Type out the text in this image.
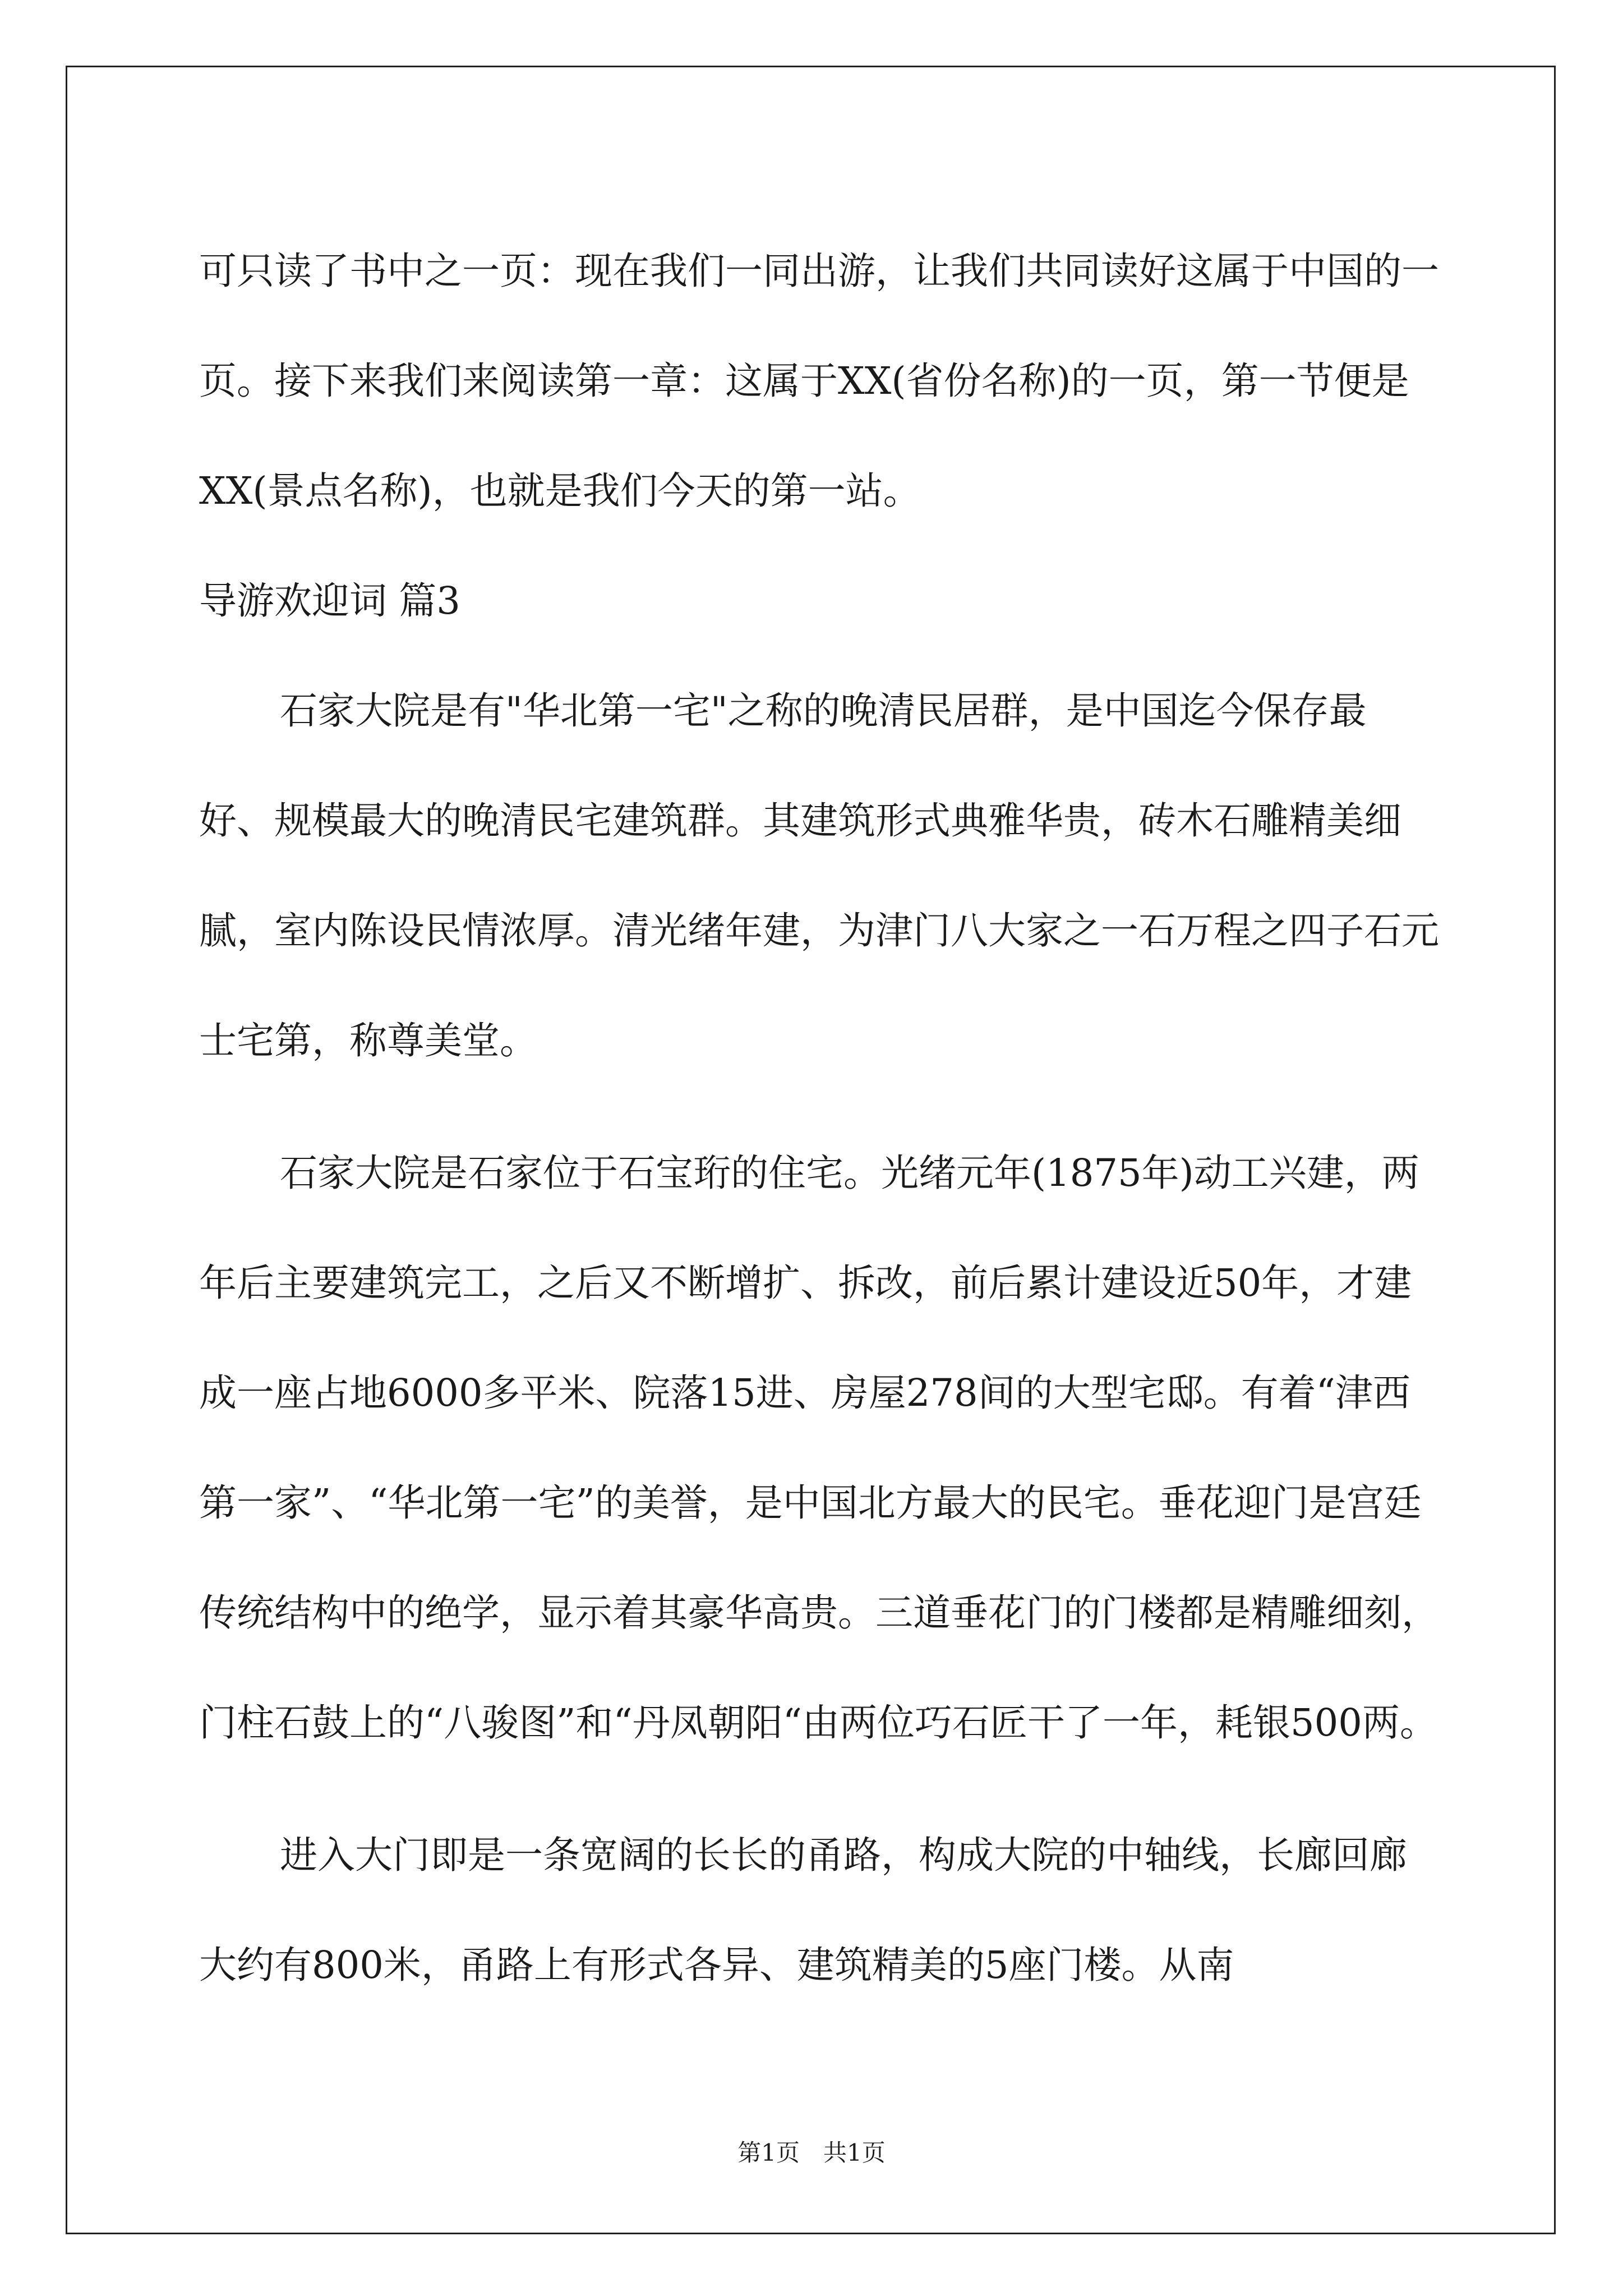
可只读了书中之一页：现在我们一同出游，让我们共同读好这属于中国的一页。接下来我们来阅读第一章：这属于XX(省份名称)的一页，第一节便是XX(景点名称)，也就是我们今天的第一站。

导游欢迎词 篇3

石家大院是有"华北第一宅"之称的晚清民居群，是中国迄今保存最好、规模最大的晚清民宅建筑群。其建筑形式典雅华贵，砖木石雕精美细腻，室内陈设民情浓厚。清光绪年建，为津门八大家之一石万程之四子石元士宅第，称尊美堂。

石家大院是石家位于石宝珩的住宅。光绪元年(1875年)动工兴建，两年后主要建筑完工，之后又不断增扩、拆改，前后累计建设近50年，才建成一座占地6000多平米、院落15进、房屋278间的大型宅邸。有着“津西第一家”、“华北第一宅”的美誉，是中国北方最大的民宅。垂花迎门是宫廷传统结构中的绝学，显示着其豪华高贵。三道垂花门的门楼都是精雕细刻，门柱石鼓上的“八骏图”和“丹凤朝阳“由两位巧石匠干了一年，耗银500两。

进入大门即是一条宽阔的长长的甬路，构成大院的中轴线，长廊回廊大约有800米，甬路上有形式各异、建筑精美的5座门楼。从南

第1页　共1页
